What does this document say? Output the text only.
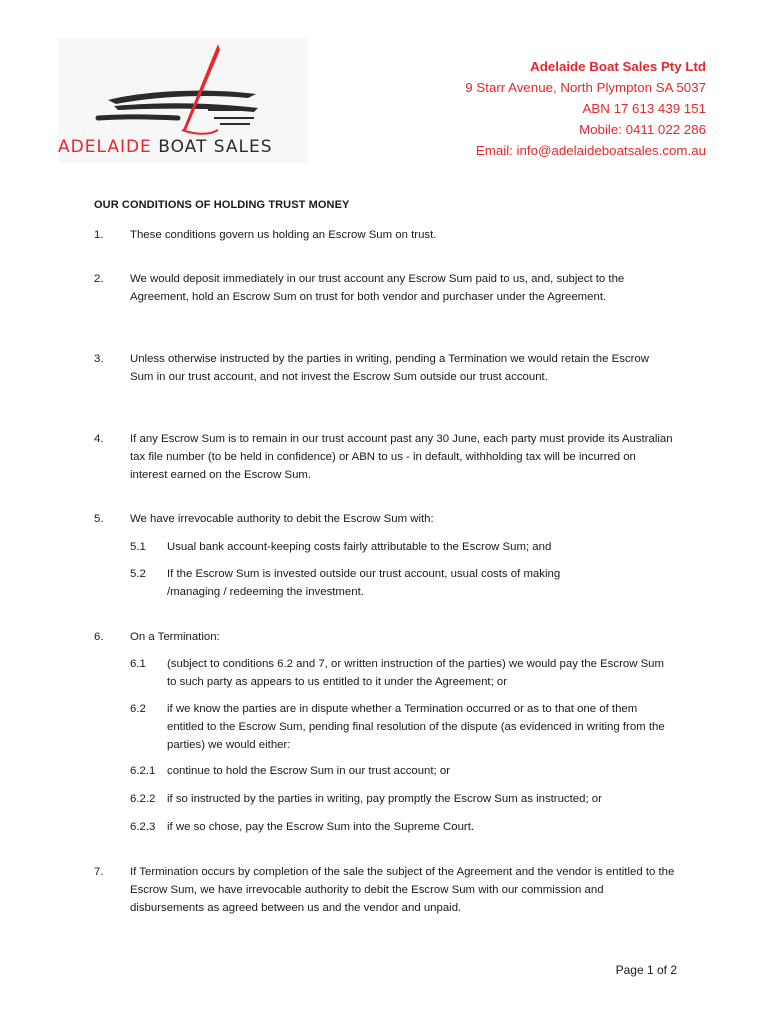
ADELAIDE BOAT SALES
Adelaide Boat Sales Pty Ltd
9 Starr Avenue, North Plympton SA 5037
ABN 17 613 439 151
Mobile: 0411 022 286
Email: info@adelaideboatsales.com.au
OUR CONDITIONS OF HOLDING TRUST MONEY
1. These conditions govern us holding an Escrow Sum on trust.
2. We would deposit immediately in our trust account any Escrow Sum paid to us, and, subject to the Agreement, hold an Escrow Sum on trust for both vendor and purchaser under the Agreement.
3. Unless otherwise instructed by the parties in writing, pending a Termination we would retain the Escrow Sum in our trust account, and not invest the Escrow Sum outside our trust account.
4. If any Escrow Sum is to remain in our trust account past any 30 June, each party must provide its Australian tax file number (to be held in confidence) or ABN to us - in default, withholding tax will be incurred on interest earned on the Escrow Sum.
5. We have irrevocable authority to debit the Escrow Sum with:
5.1 Usual bank account-keeping costs fairly attributable to the Escrow Sum; and
5.2 If the Escrow Sum is invested outside our trust account, usual costs of making /managing / redeeming the investment.
6. On a Termination:
6.1 (subject to conditions 6.2 and 7, or written instruction of the parties) we would pay the Escrow Sum to such party as appears to us entitled to it under the Agreement; or
6.2 if we know the parties are in dispute whether a Termination occurred or as to that one of them entitled to the Escrow Sum, pending final resolution of the dispute (as evidenced in writing from the parties) we would either:
6.2.1 continue to hold the Escrow Sum in our trust account; or
6.2.2 if so instructed by the parties in writing, pay promptly the Escrow Sum as instructed; or
6.2.3 if we so chose, pay the Escrow Sum into the Supreme Court.
7. If Termination occurs by completion of the sale the subject of the Agreement and the vendor is entitled to the Escrow Sum, we have irrevocable authority to debit the Escrow Sum with our commission and disbursements as agreed between us and the vendor and unpaid.
Page 1 of 2
